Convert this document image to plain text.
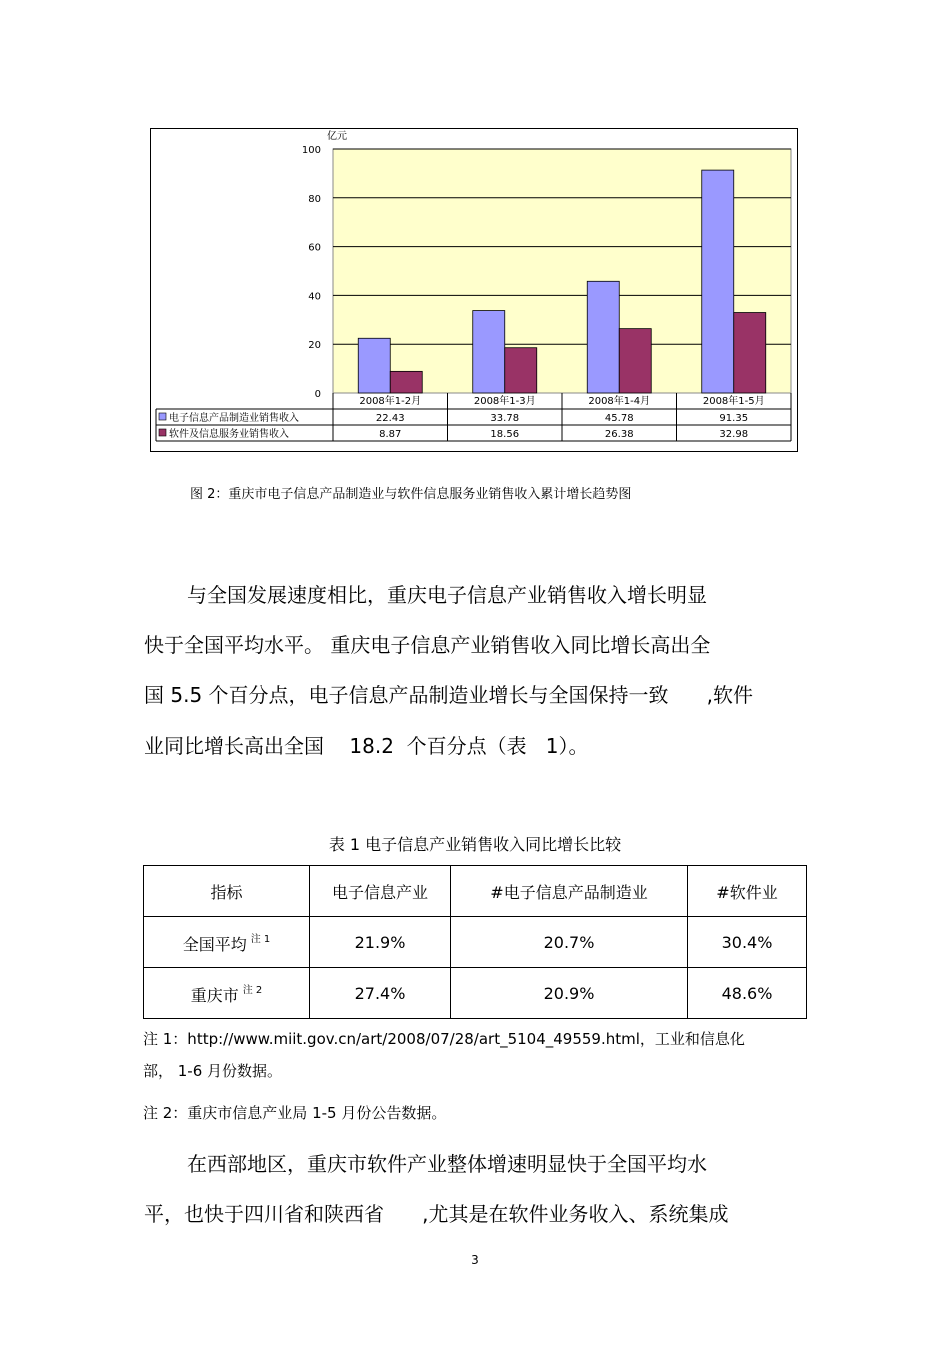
亿元
0
20
40
60
80
100
2008年1-2月	2008年1-3月	2008年1-4月	2008年1-5月
电子信息产品制造业销售收入	22.43	33.78	45.78	91.35
软件及信息服务业销售收入	8.87	18.56	26.38	32.98
图 2：重庆市电子信息产品制造业与软件信息服务业销售收入累计增长趋势图
与全国发展速度相比，重庆电子信息产业销售收入增长明显
快于全国平均水平。 重庆电子信息产业销售收入同比增长高出全
国 5.5 个百分点，电子信息产品制造业增长与全国保持一致      ,软件
业同比增长高出全国    18.2  个百分点（表   1）。
表 1 电子信息产业销售收入同比增长比较
指标	电子信息产业	#电子信息产品制造业	#软件业
全国平均 $^{注 1}$	21.9%	20.7%	30.4%
重庆市 $^{注 2}$	27.4%	20.9%	48.6%
注 1：http://www.miit.gov.cn/art/2008/07/28/art_5104_49559.html，工业和信息化
部， 1-6 月份数据。
注 2：重庆市信息产业局 1-5 月份公告数据。
在西部地区，重庆市软件产业整体增速明显快于全国平均水
平，也快于四川省和陕西省      ,尤其是在软件业务收入、系统集成
3
